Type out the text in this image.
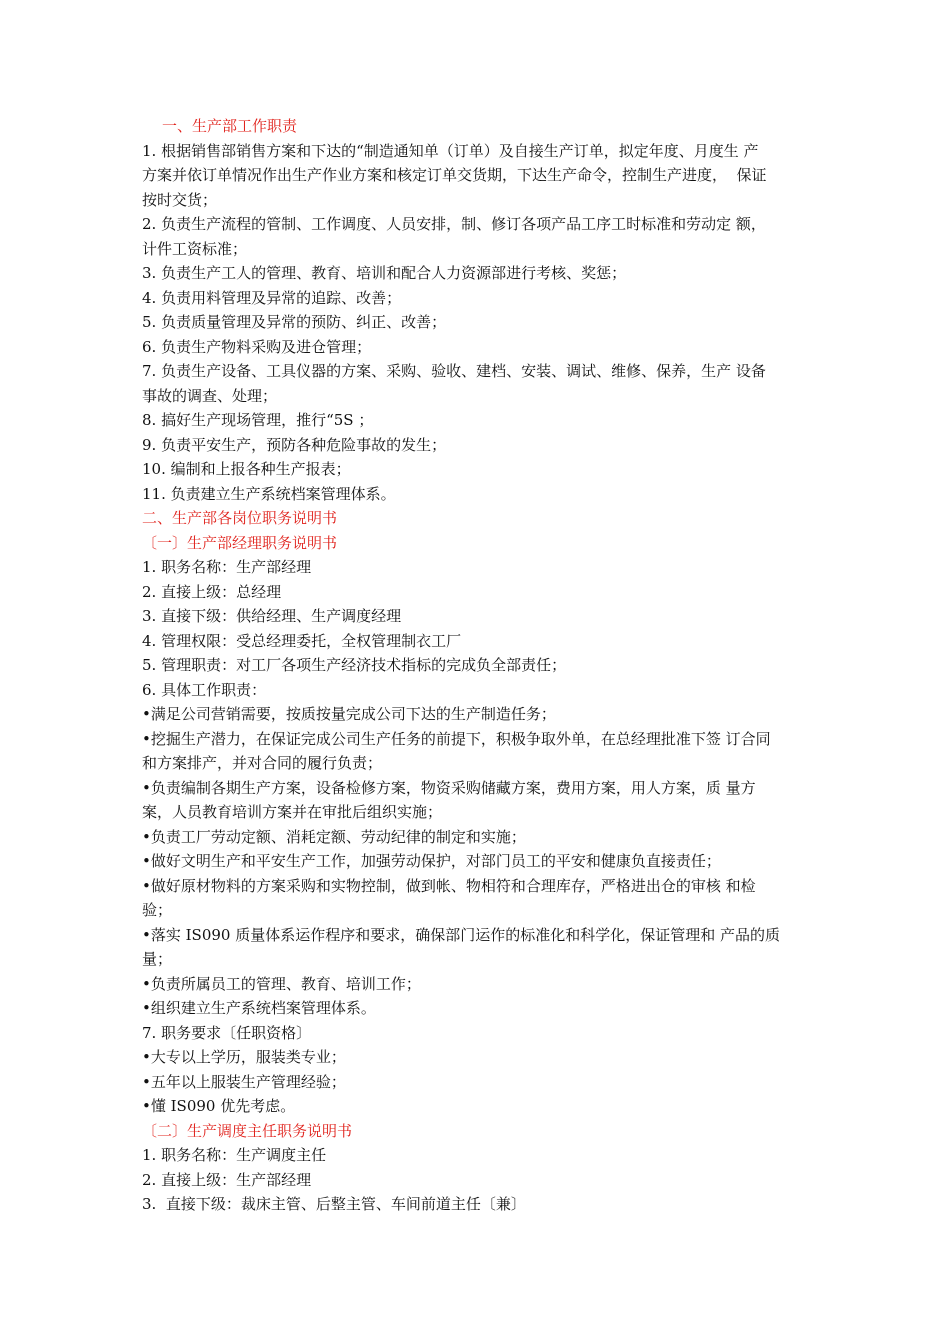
一、生产部工作职责
1. 根据销售部销售方案和下达的“制造通知单（订单）及自接生产订单，拟定年度、月度生 产
方案并依订单情况作出生产作业方案和核定订单交货期，下达生产命令，控制生产进度，  保证
按时交货；
2. 负责生产流程的管制、工作调度、人员安排，制、修订各项产品工序工时标准和劳动定 额，
计件工资标准；
3. 负责生产工人的管理、教育、培训和配合人力资源部进行考核、奖惩；
4. 负责用料管理及异常的追踪、改善；
5. 负责质量管理及异常的预防、纠正、改善；
6. 负责生产物料采购及进仓管理；
7. 负责生产设备、工具仪器的方案、采购、验收、建档、安装、调试、维修、保养，生产 设备
事故的调查、处理；
8. 搞好生产现场管理，推行“5S ；
9. 负责平安生产，预防各种危险事故的发生；
10. 编制和上报各种生产报表；
11. 负责建立生产系统档案管理体系。
二、生产部各岗位职务说明书
〔一〕生产部经理职务说明书
1. 职务名称：生产部经理
2. 直接上级：总经理
3. 直接下级：供给经理、生产调度经理
4. 管理权限：受总经理委托，全权管理制衣工厂
5. 管理职责：对工厂各项生产经济技术指标的完成负全部责任；
6. 具体工作职责：
•满足公司营销需要，按质按量完成公司下达的生产制造任务；
•挖掘生产潜力，在保证完成公司生产任务的前提下，积极争取外单，在总经理批准下签 订合同
和方案排产，并对合同的履行负责；
•负责编制各期生产方案，设备检修方案，物资采购储藏方案，费用方案，用人方案，质 量方
案，人员教育培训方案并在审批后组织实施；
•负责工厂劳动定额、消耗定额、劳动纪律的制定和实施；
•做好文明生产和平安生产工作，加强劳动保护，对部门员工的平安和健康负直接责任；
•做好原材物料的方案采购和实物控制，做到帐、物相符和合理库存，严格进出仓的审核 和检
验；
•落实 IS090 质量体系运作程序和要求，确保部门运作的标准化和科学化，保证管理和 产品的质
量；
•负责所属员工的管理、教育、培训工作；
•组织建立生产系统档案管理体系。
7. 职务要求〔任职资格〕
•大专以上学历，服装类专业；
•五年以上服装生产管理经验；
•懂 IS090 优先考虑。
〔二〕生产调度主任职务说明书
1. 职务名称：生产调度主任
2. 直接上级：生产部经理
3.  直接下级：裁床主管、后整主管、车间前道主任〔兼〕
